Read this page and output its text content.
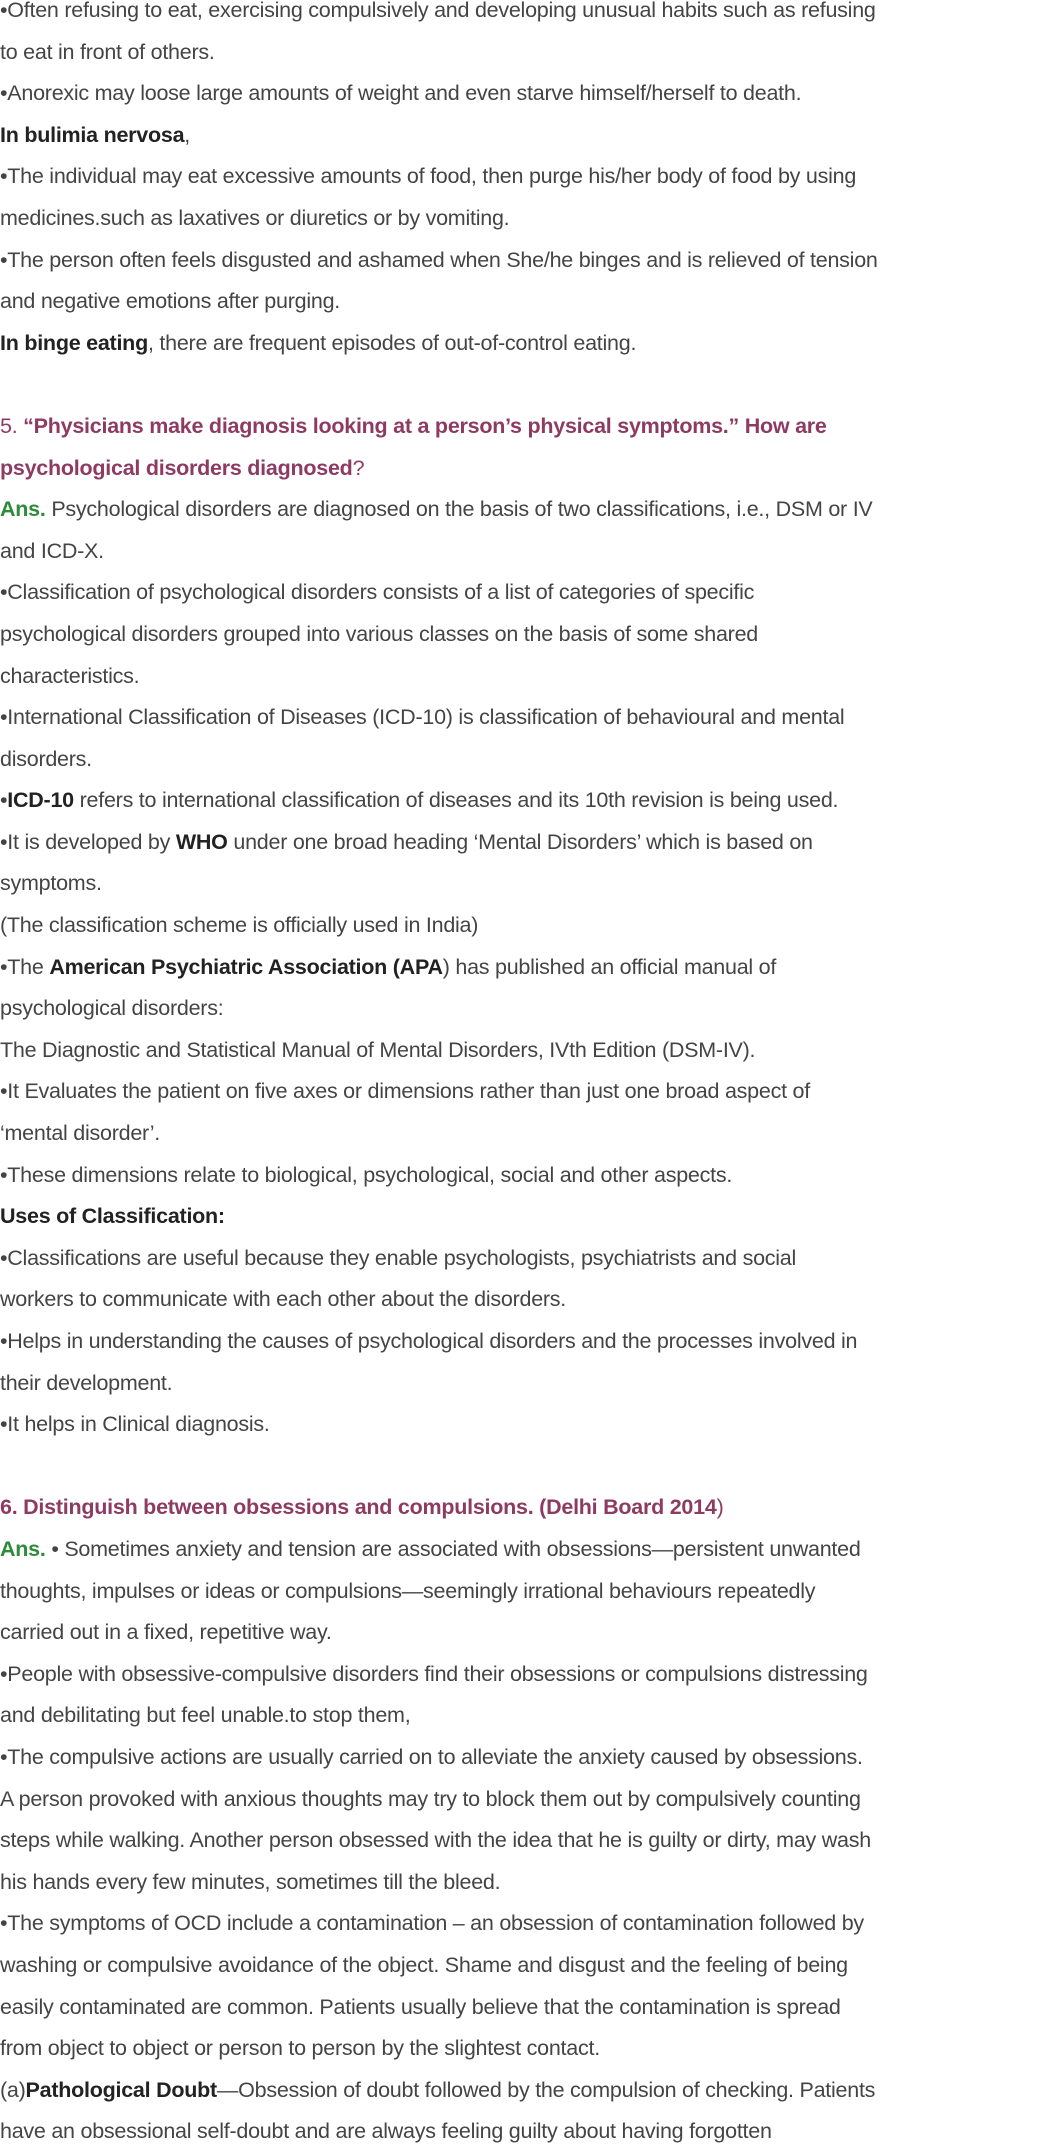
•Often refusing to eat, exercising compulsively and developing unusual habits such as refusing
to eat in front of others.
•Anorexic may loose large amounts of weight and even starve himself/herself to death.
In bulimia nervosa,
•The individual may eat excessive amounts of food, then purge his/her body of food by using
medicines.such as laxatives or diuretics or by vomiting.
•The person often feels disgusted and ashamed when She/he binges and is relieved of tension
and negative emotions after purging.
In binge eating, there are frequent episodes of out-of-control eating.
5. “Physicians make diagnosis looking at a person’s physical symptoms.” How are
psychological disorders diagnosed?
Ans. Psychological disorders are diagnosed on the basis of two classifications, i.e., DSM or IV
and ICD-X.
•Classification of psychological disorders consists of a list of categories of specific
psychological disorders grouped into various classes on the basis of some shared
characteristics.
•International Classification of Diseases (ICD-10) is classification of behavioural and mental
disorders.
•ICD-10 refers to international classification of diseases and its 10th revision is being used.
•It is developed by WHO under one broad heading ‘Mental Disorders’ which is based on
symptoms.
(The classification scheme is officially used in India)
•The American Psychiatric Association (APA) has published an official manual of
psychological disorders:
The Diagnostic and Statistical Manual of Mental Disorders, IVth Edition (DSM-IV).
•It Evaluates the patient on five axes or dimensions rather than just one broad aspect of
‘mental disorder’.
•These dimensions relate to biological, psychological, social and other aspects.
Uses of Classification:
•Classifications are useful because they enable psychologists, psychiatrists and social
workers to communicate with each other about the disorders.
•Helps in understanding the causes of psychological disorders and the processes involved in
their development.
•It helps in Clinical diagnosis.
6. Distinguish between obsessions and compulsions. (Delhi Board 2014)
Ans. • Sometimes anxiety and tension are associated with obsessions—persistent unwanted
thoughts, impulses or ideas or compulsions—seemingly irrational behaviours repeatedly
carried out in a fixed, repetitive way.
•People with obsessive-compulsive disorders find their obsessions or compulsions distressing
and debilitating but feel unable.to stop them,
•The compulsive actions are usually carried on to alleviate the anxiety caused by obsessions.
A person provoked with anxious thoughts may try to block them out by compulsively counting
steps while walking. Another person obsessed with the idea that he is guilty or dirty, may wash
his hands every few minutes, sometimes till the bleed.
•The symptoms of OCD include a contamination – an obsession of contamination followed by
washing or compulsive avoidance of the object. Shame and disgust and the feeling of being
easily contaminated are common. Patients usually believe that the contamination is spread
from object to object or person to person by the slightest contact.
(a)Pathological Doubt—Obsession of doubt followed by the compulsion of checking. Patients
have an obsessional self-doubt and are always feeling guilty about having forgotten
